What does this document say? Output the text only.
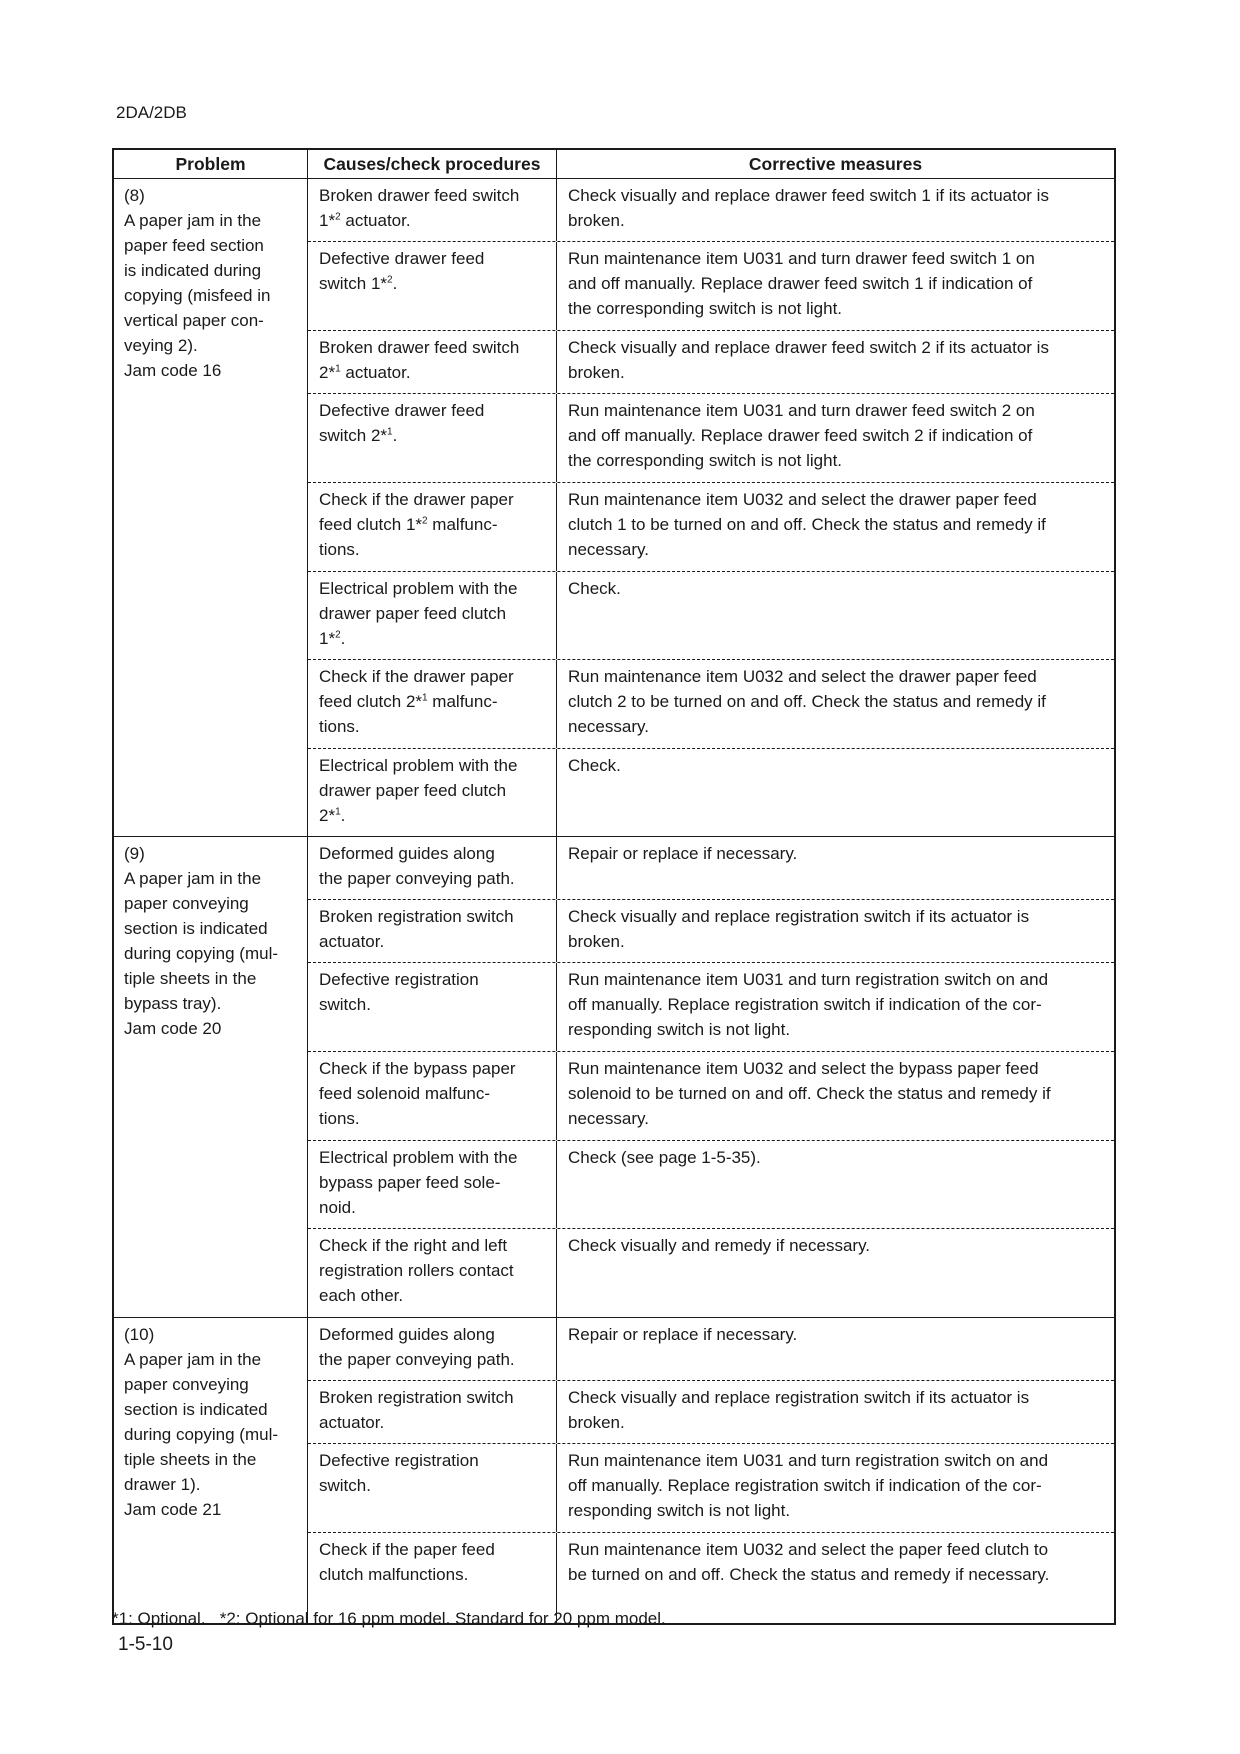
2DA/2DB
Problem	Causes/check procedures	Corrective measures
(8)
A paper jam in the
paper feed section
is indicated during
copying (misfeed in
vertical paper con-
veying 2).
Jam code 16
Broken drawer feed switch
1*$^2$ actuator.
Check visually and replace drawer feed switch 1 if its actuator is
broken.
Defective drawer feed
switch 1*$^2$.
Run maintenance item U031 and turn drawer feed switch 1 on
and off manually. Replace drawer feed switch 1 if indication of
the corresponding switch is not light.
Broken drawer feed switch
2*$^1$ actuator.
Check visually and replace drawer feed switch 2 if its actuator is
broken.
Defective drawer feed
switch 2*$^1$.
Run maintenance item U031 and turn drawer feed switch 2 on
and off manually. Replace drawer feed switch 2 if indication of
the corresponding switch is not light.
Check if the drawer paper
feed clutch 1*$^2$ malfunc-
tions.
Run maintenance item U032 and select the drawer paper feed
clutch 1 to be turned on and off. Check the status and remedy if
necessary.
Electrical problem with the
drawer paper feed clutch
1*$^2$.
Check.
Check if the drawer paper
feed clutch 2*$^1$ malfunc-
tions.
Run maintenance item U032 and select the drawer paper feed
clutch 2 to be turned on and off. Check the status and remedy if
necessary.
Electrical problem with the
drawer paper feed clutch
2*$^1$.
Check.
(9)
A paper jam in the
paper conveying
section is indicated
during copying (mul-
tiple sheets in the
bypass tray).
Jam code 20
Deformed guides along
the paper conveying path.
Repair or replace if necessary.
Broken registration switch
actuator.
Check visually and replace registration switch if its actuator is
broken.
Defective registration
switch.
Run maintenance item U031 and turn registration switch on and
off manually. Replace registration switch if indication of the cor-
responding switch is not light.
Check if the bypass paper
feed solenoid malfunc-
tions.
Run maintenance item U032 and select the bypass paper feed
solenoid to be turned on and off. Check the status and remedy if
necessary.
Electrical problem with the
bypass paper feed sole-
noid.
Check (see page 1-5-35).
Check if the right and left
registration rollers contact
each other.
Check visually and remedy if necessary.
(10)
A paper jam in the
paper conveying
section is indicated
during copying (mul-
tiple sheets in the
drawer 1).
Jam code 21
Deformed guides along
the paper conveying path.
Repair or replace if necessary.
Broken registration switch
actuator.
Check visually and replace registration switch if its actuator is
broken.
Defective registration
switch.
Run maintenance item U031 and turn registration switch on and
off manually. Replace registration switch if indication of the cor-
responding switch is not light.
Check if the paper feed
clutch malfunctions.
Run maintenance item U032 and select the paper feed clutch to
be turned on and off. Check the status and remedy if necessary.
*1: Optional.   *2: Optional for 16 ppm model. Standard for 20 ppm model.
1-5-10
